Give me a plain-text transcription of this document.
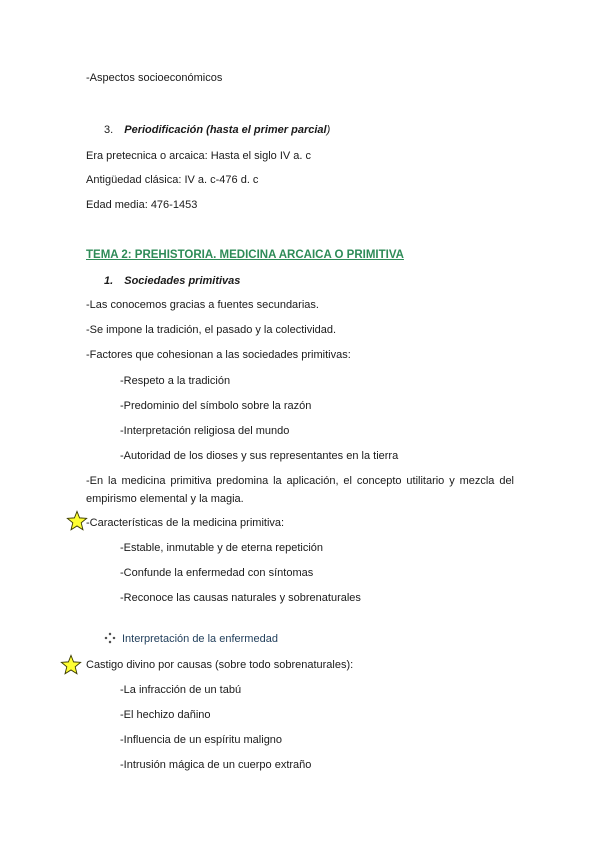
-Aspectos socioeconómicos
3. Periodificación (hasta el primer parcial)
Era pretecnica o arcaica: Hasta el siglo IV a. c
Antigüedad clásica: IV a. c-476 d. c
Edad media: 476-1453
TEMA 2: PREHISTORIA. MEDICINA ARCAICA O PRIMITIVA
1. Sociedades primitivas
-Las conocemos gracias a fuentes secundarias.
-Se impone la tradición, el pasado y la colectividad.
-Factores que cohesionan a las sociedades primitivas:
-Respeto a la tradición
-Predominio del símbolo sobre la razón
-Interpretación religiosa del mundo
-Autoridad de los dioses y sus representantes en la tierra
-En la medicina primitiva predomina la aplicación, el concepto utilitario y mezcla del empirismo elemental y la magia.
-Características de la medicina primitiva:
-Estable, inmutable y de eterna repetición
-Confunde la enfermedad con síntomas
-Reconoce las causas naturales y sobrenaturales
Interpretación de la enfermedad
Castigo divino por causas (sobre todo sobrenaturales):
-La infracción de un tabú
-El hechizo dañino
-Influencia de un espíritu maligno
-Intrusión mágica de un cuerpo extraño
